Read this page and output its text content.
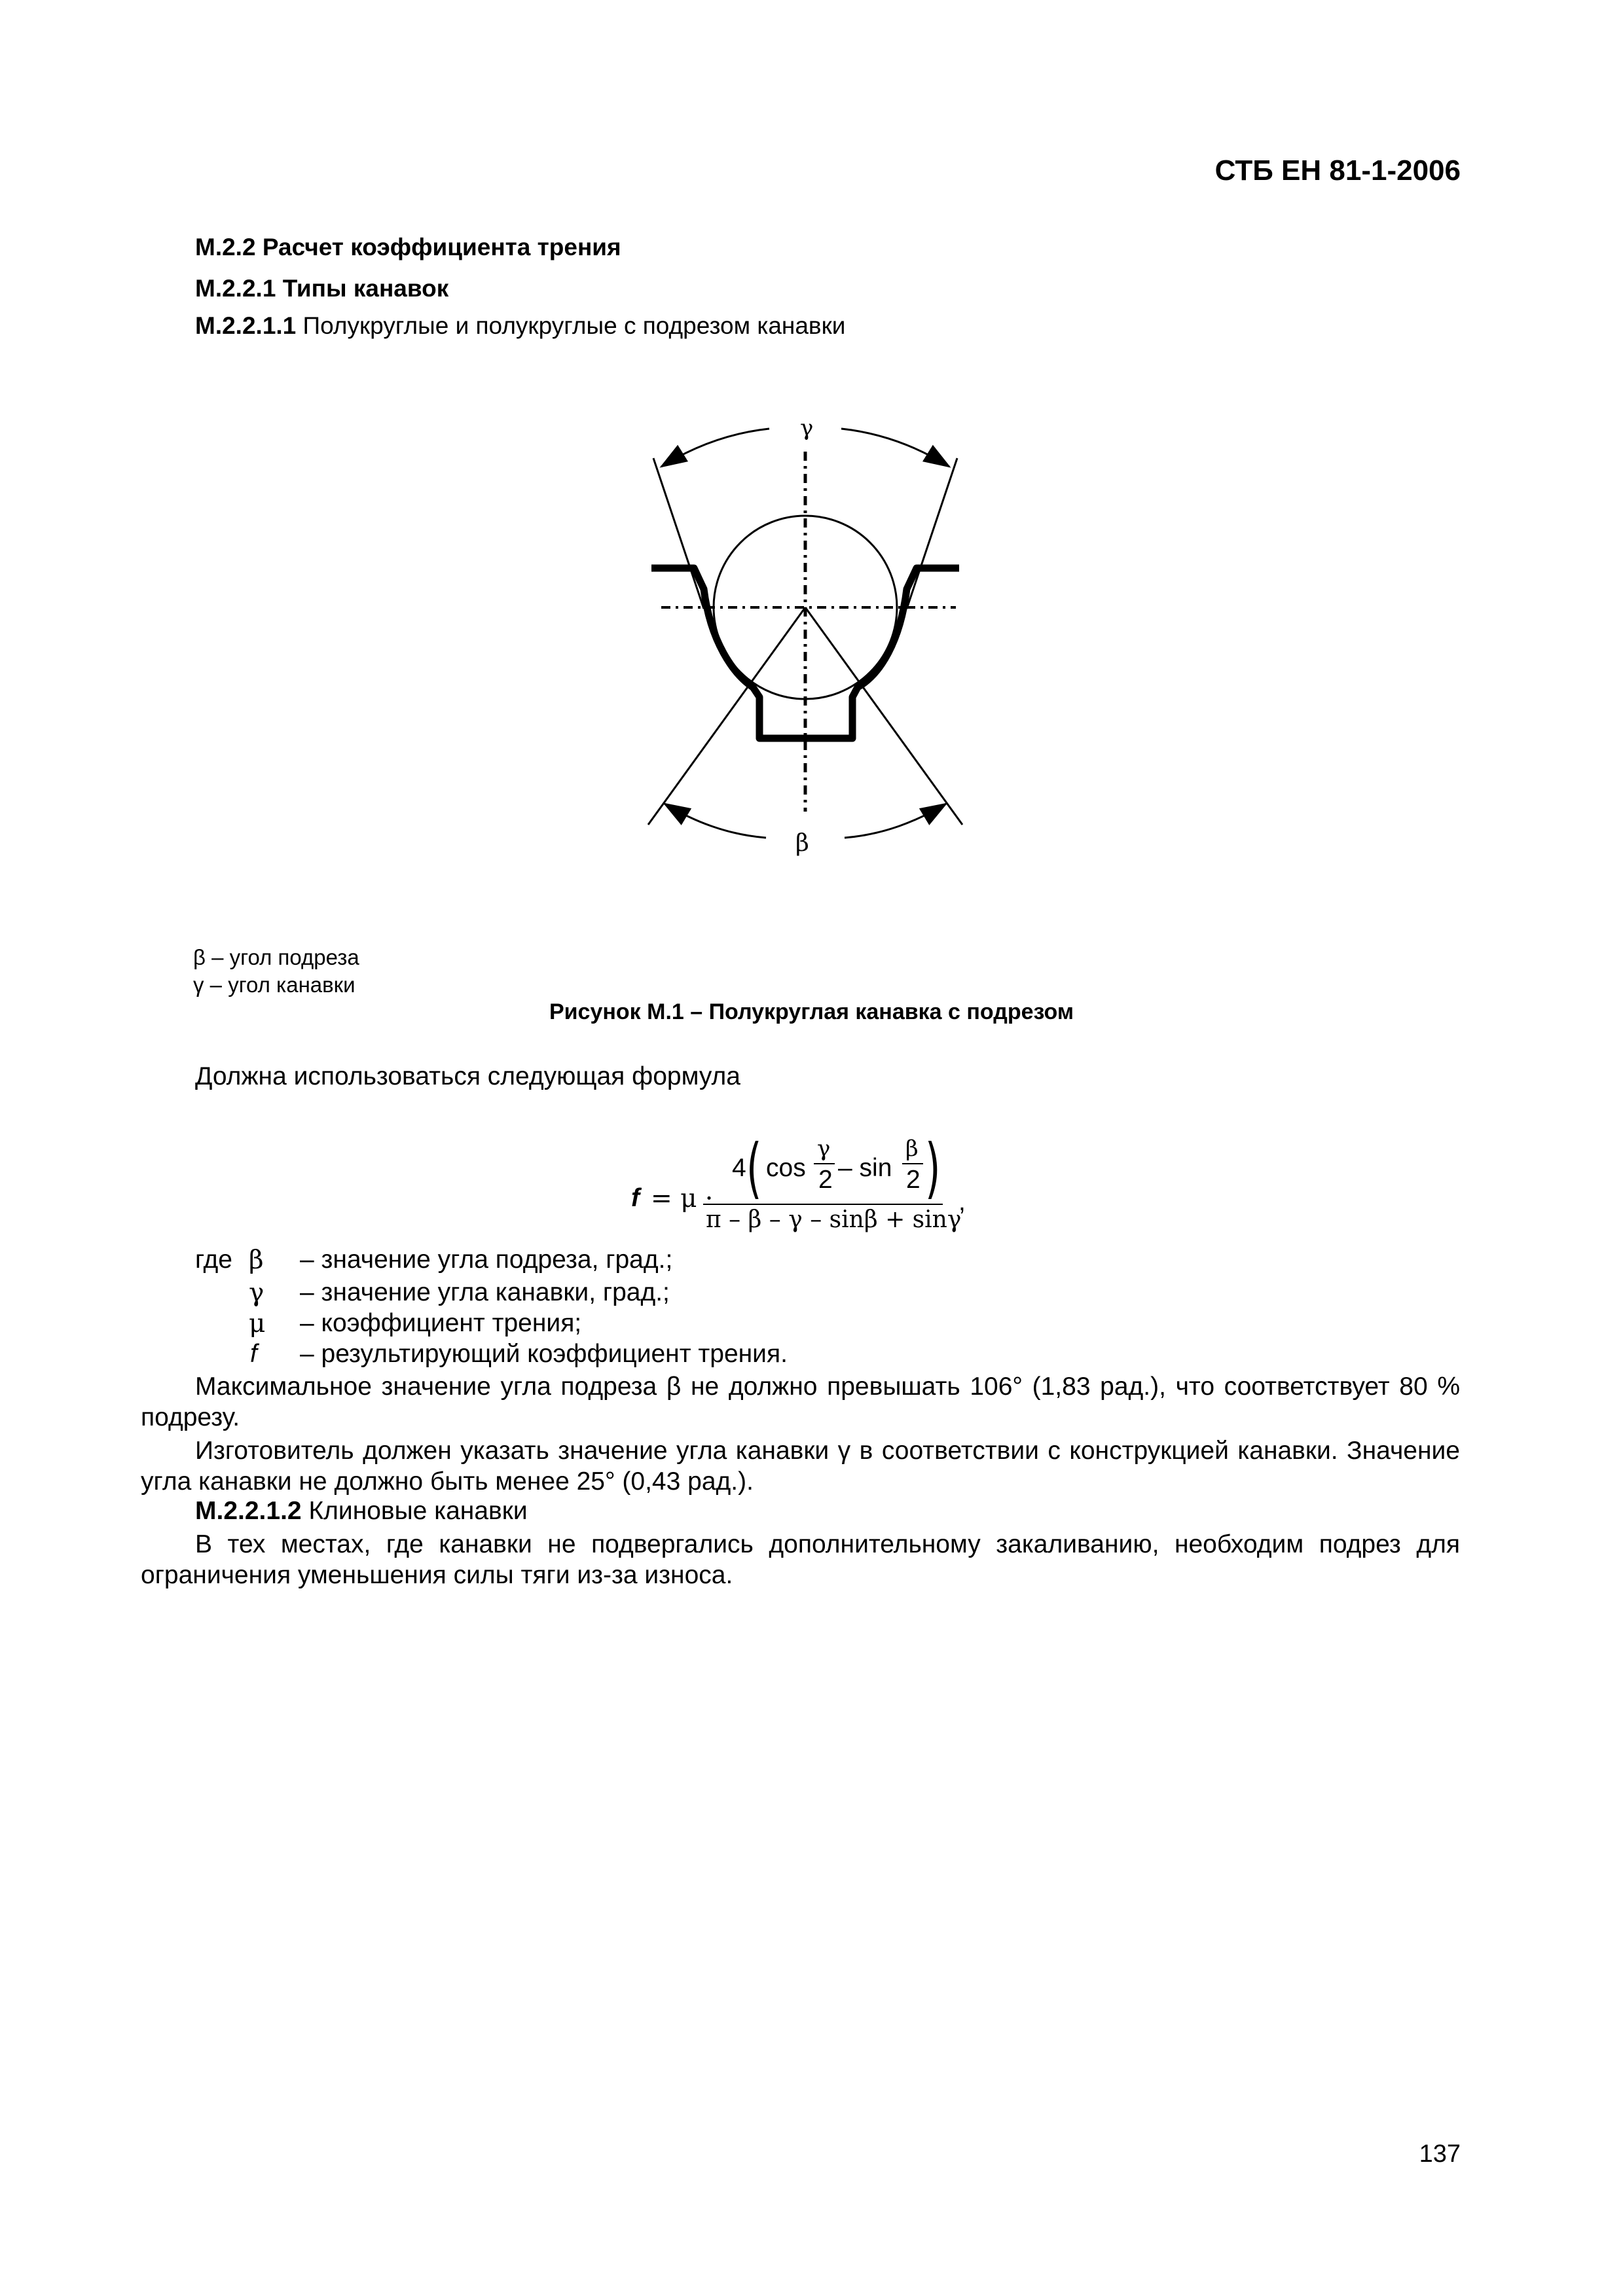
СТБ ЕН 81-1-2006
М.2.2 Расчет коэффициента трения
М.2.2.1 Типы канавок
М.2.2.1.1 Полукруглые и полукруглые с подрезом канавки
γ
β
β – угол подреза
γ – угол канавки
Рисунок М.1 – Полукруглая канавка с подрезом
Должна использоваться следующая формула
f = μ ·
4 ( cos
γ
2 – sin
β
2 )
π – β – γ – sinβ + sinγ
,
где β – значение угла подреза, град.;
γ – значение угла канавки, град.;
μ – коэффициент трения;
f – результирующий коэффициент трения.
Максимальное значение угла подреза β не должно превышать 106° (1,83 рад.), что соответствует 80 % подрезу.
Изготовитель должен указать значение угла канавки γ в соответствии с конструкцией канавки. Значение угла канавки не должно быть менее 25° (0,43 рад.).
М.2.2.1.2 Клиновые канавки
В тех местах, где канавки не подвергались дополнительному закаливанию, необходим подрез для ограничения уменьшения силы тяги из-за износа.
137
